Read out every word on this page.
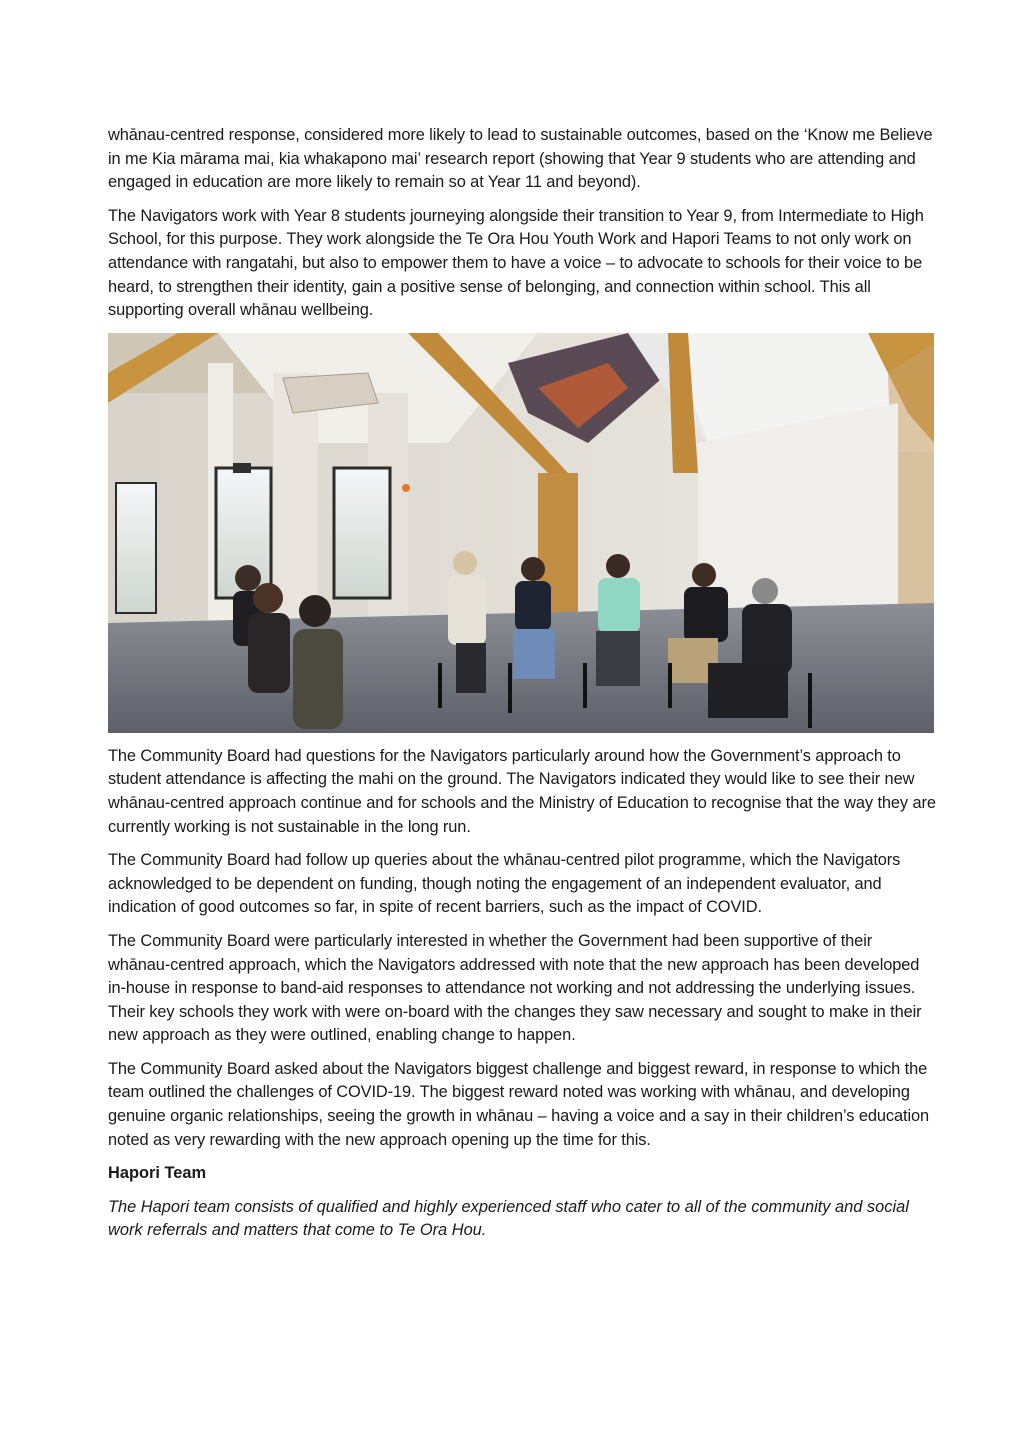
whānau-centred response, considered more likely to lead to sustainable outcomes, based on the ‘Know me Believe in me Kia mārama mai, kia whakapono mai’ research report (showing that Year 9 students who are attending and engaged in education are more likely to remain so at Year 11 and beyond).

The Navigators work with Year 8 students journeying alongside their transition to Year 9, from Intermediate to High School, for this purpose. They work alongside the Te Ora Hou Youth Work and Hapori Teams to not only work on attendance with rangatahi, but also to empower them to have a voice – to advocate to schools for their voice to be heard, to strengthen their identity, gain a positive sense of belonging, and connection within school. This all supporting overall whānau wellbeing.

The Community Board had questions for the Navigators particularly around how the Government’s approach to student attendance is affecting the mahi on the ground. The Navigators indicated they would like to see their new whānau-centred approach continue and for schools and the Ministry of Education to recognise that the way they are currently working is not sustainable in the long run.

The Community Board had follow up queries about the whānau-centred pilot programme, which the Navigators acknowledged to be dependent on funding, though noting the engagement of an independent evaluator, and indication of good outcomes so far, in spite of recent barriers, such as the impact of COVID.

The Community Board were particularly interested in whether the Government had been supportive of their whānau-centred approach, which the Navigators addressed with note that the new approach has been developed in-house in response to band-aid responses to attendance not working and not addressing the underlying issues. Their key schools they work with were on-board with the changes they saw necessary and sought to make in their new approach as they were outlined, enabling change to happen.

The Community Board asked about the Navigators biggest challenge and biggest reward, in response to which the team outlined the challenges of COVID-19. The biggest reward noted was working with whānau, and developing genuine organic relationships, seeing the growth in whānau – having a voice and a say in their children’s education noted as very rewarding with the new approach opening up the time for this.

Hapori Team

The Hapori team consists of qualified and highly experienced staff who cater to all of the community and social work referrals and matters that come to Te Ora Hou.
